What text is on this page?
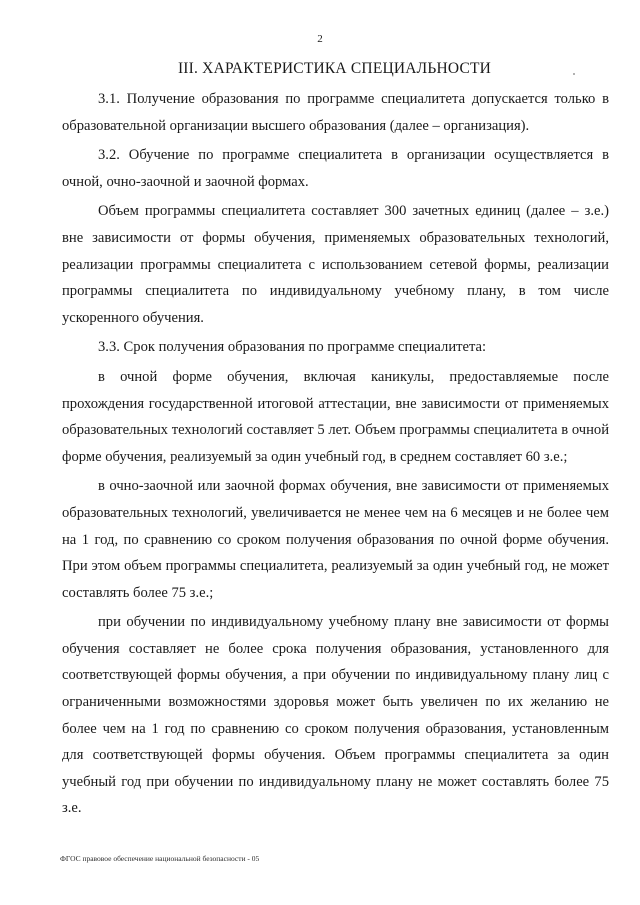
2
III. ХАРАКТЕРИСТИКА СПЕЦИАЛЬНОСТИ

3.1. Получение образования по программе специалитета допускается только в образовательной организации высшего образования (далее – организация).

3.2. Обучение по программе специалитета в организации осуществляется в очной, очно-заочной и заочной формах.

Объем программы специалитета составляет 300 зачетных единиц (далее – з.е.) вне зависимости от формы обучения, применяемых образовательных технологий, реализации программы специалитета с использованием сетевой формы, реализации программы специалитета по индивидуальному учебному плану, в том числе ускоренного обучения.

3.3. Срок получения образования по программе специалитета:

в очной форме обучения, включая каникулы, предоставляемые после прохождения государственной итоговой аттестации, вне зависимости от применяемых образовательных технологий составляет 5 лет. Объем программы специалитета в очной форме обучения, реализуемый за один учебный год, в среднем составляет 60 з.е.;

в очно-заочной или заочной формах обучения, вне зависимости от применяемых образовательных технологий, увеличивается не менее чем на 6 месяцев и не более чем на 1 год, по сравнению со сроком получения образования по очной форме обучения. При этом объем программы специалитета, реализуемый за один учебный год, не может составлять более 75 з.е.;

при обучении по индивидуальному учебному плану вне зависимости от формы обучения составляет не более срока получения образования, установленного для соответствующей формы обучения, а при обучении по индивидуальному плану лиц с ограниченными возможностями здоровья может быть увеличен по их желанию не более чем на 1 год по сравнению со сроком получения образования, установленным для соответствующей формы обучения. Объем программы специалитета за один учебный год при обучении по индивидуальному плану не может составлять более 75 з.е.

ФГОС правовое обеспечение национальной безопасности - 05
